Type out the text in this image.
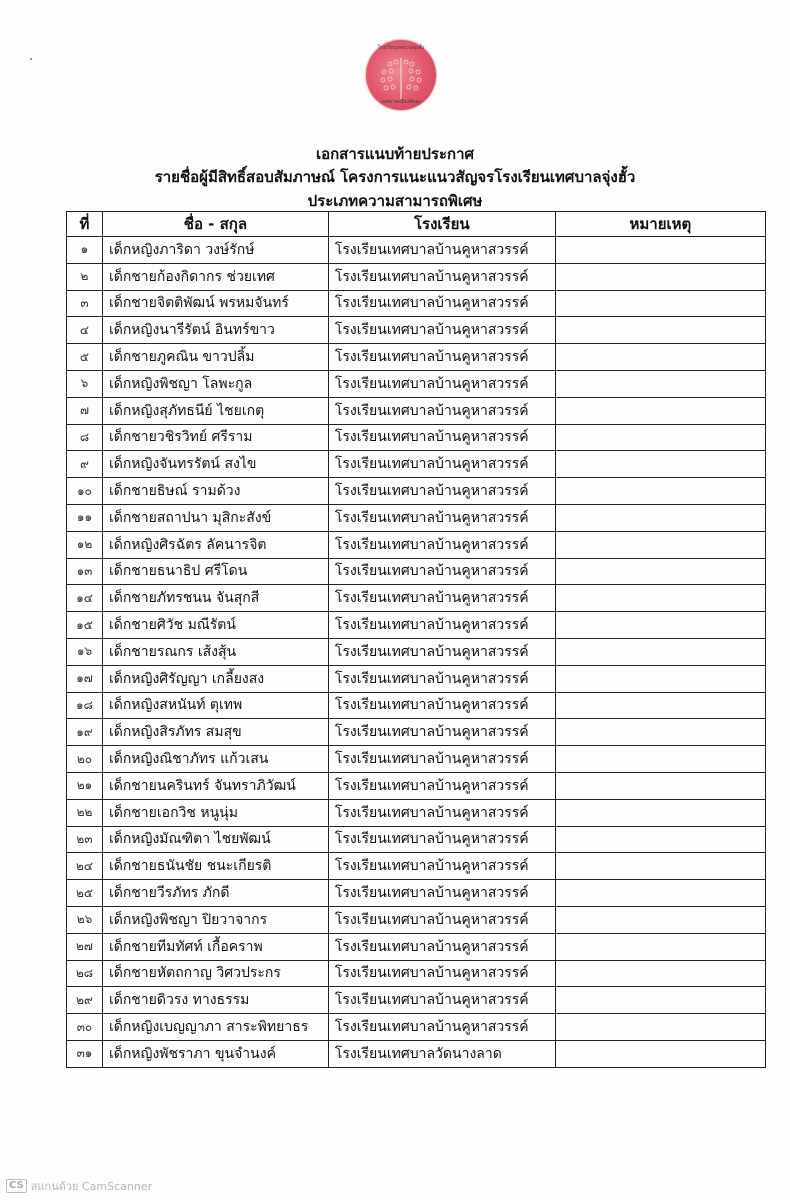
โรงเรียนเทศบาลจุ่งฮั้ว
เทศบาลเมืองพัทลุง
เอกสารแนบท้ายประกาศ
รายชื่อผู้มีสิทธิ์สอบสัมภาษณ์ โครงการแนะแนวสัญจรโรงเรียนเทศบาลจุ่งฮั้ว
ประเภทความสามารถพิเศษ
ที่	ชื่อ - สกุล	โรงเรียน	หมายเหตุ
๑	เด็กหญิงภาริดา วงษ์รักษ์	โรงเรียนเทศบาลบ้านคูหาสวรรค์	
๒	เด็กชายก้องกิดากร ช่วยเทศ	โรงเรียนเทศบาลบ้านคูหาสวรรค์	
๓	เด็กชายจิตติพัฒน์ พรหมจันทร์	โรงเรียนเทศบาลบ้านคูหาสวรรค์	
๔	เด็กหญิงนารีรัตน์ อินทร์ขาว	โรงเรียนเทศบาลบ้านคูหาสวรรค์	
๕	เด็กชายภูคณิน ขาวปลิ้ม	โรงเรียนเทศบาลบ้านคูหาสวรรค์	
๖	เด็กหญิงพิชญา โลพะกูล	โรงเรียนเทศบาลบ้านคูหาสวรรค์	
๗	เด็กหญิงสุภัทธนีย์ ไชยเกตุ	โรงเรียนเทศบาลบ้านคูหาสวรรค์	
๘	เด็กชายวชิรวิทย์ ศรีราม	โรงเรียนเทศบาลบ้านคูหาสวรรค์	
๙	เด็กหญิงจันทรรัตน์ สงไข	โรงเรียนเทศบาลบ้านคูหาสวรรค์	
๑๐	เด็กชายธิษณ์ รามด้วง	โรงเรียนเทศบาลบ้านคูหาสวรรค์	
๑๑	เด็กชายสถาปนา มุสิกะสังข์	โรงเรียนเทศบาลบ้านคูหาสวรรค์	
๑๒	เด็กหญิงศิรฉัตร ลัคนารจิต	โรงเรียนเทศบาลบ้านคูหาสวรรค์	
๑๓	เด็กชายธนาธิป ศรีโดน	โรงเรียนเทศบาลบ้านคูหาสวรรค์	
๑๔	เด็กชายภัทรชนน จันสุกสี	โรงเรียนเทศบาลบ้านคูหาสวรรค์	
๑๕	เด็กชายศิวัช มณีรัตน์	โรงเรียนเทศบาลบ้านคูหาสวรรค์	
๑๖	เด็กชายรณกร เส้งสุ้น	โรงเรียนเทศบาลบ้านคูหาสวรรค์	
๑๗	เด็กหญิงศิรัญญา เกลี้ยงสง	โรงเรียนเทศบาลบ้านคูหาสวรรค์	
๑๘	เด็กหญิงสหนันท์ ตุเทพ	โรงเรียนเทศบาลบ้านคูหาสวรรค์	
๑๙	เด็กหญิงสิรภัทร สมสุข	โรงเรียนเทศบาลบ้านคูหาสวรรค์	
๒๐	เด็กหญิงณิชาภัทร แก้วเสน	โรงเรียนเทศบาลบ้านคูหาสวรรค์	
๒๑	เด็กชายนครินทร์ จันทราภิวัฒน์	โรงเรียนเทศบาลบ้านคูหาสวรรค์	
๒๒	เด็กชายเอกวิช หนูนุ่ม	โรงเรียนเทศบาลบ้านคูหาสวรรค์	
๒๓	เด็กหญิงมัณฑิตา ไชยพัฒน์	โรงเรียนเทศบาลบ้านคูหาสวรรค์	
๒๔	เด็กชายธนันชัย ชนะเกียรติ	โรงเรียนเทศบาลบ้านคูหาสวรรค์	
๒๕	เด็กชายวีรภัทร ภักดี	โรงเรียนเทศบาลบ้านคูหาสวรรค์	
๒๖	เด็กหญิงพิชญา ปิยวาจากร	โรงเรียนเทศบาลบ้านคูหาสวรรค์	
๒๗	เด็กชายทีมทัศท์ เกื้อคราพ	โรงเรียนเทศบาลบ้านคูหาสวรรค์	
๒๘	เด็กชายหัตถกาญ วิศวประกร	โรงเรียนเทศบาลบ้านคูหาสวรรค์	
๒๙	เด็กชายดิวรง ทางธรรม	โรงเรียนเทศบาลบ้านคูหาสวรรค์	
๓๐	เด็กหญิงเบญญาภา สาระพิทยาธร	โรงเรียนเทศบาลบ้านคูหาสวรรค์	
๓๑	เด็กหญิงพัชราภา ขุนจำนงค์	โรงเรียนเทศบาลวัดนางลาด	
CS สแกนด้วย CamScanner
